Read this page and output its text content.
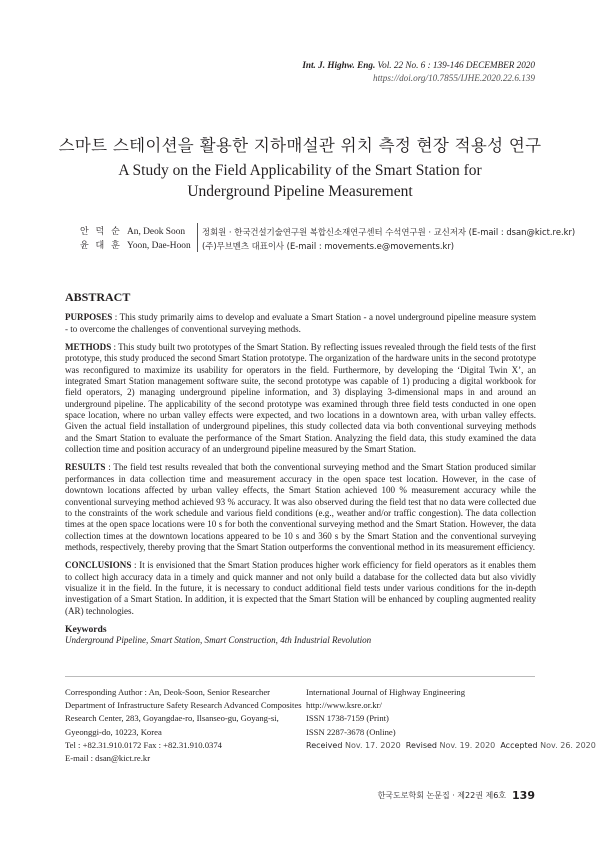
Int. J. Highw. Eng. Vol. 22 No. 6 : 139-146 DECEMBER 2020
https://doi.org/10.7855/IJHE.2020.22.6.139
스마트 스테이션을 활용한 지하매설관 위치 측정 현장 적용성 연구
A Study on the Field Applicability of the Smart Station for
Underground Pipeline Measurement
안 덕 순 An, Deok Soon	정회원 · 한국건설기술연구원 복합신소재연구센터 수석연구원 · 교신저자 (E-mail : dsan@kict.re.kr)
윤 대 훈 Yoon, Dae-Hoon	(주)무브멘츠 대표이사 (E-mail : movements.e@movements.kr)
ABSTRACT

PURPOSES : This study primarily aims to develop and evaluate a Smart Station - a novel underground pipeline measure system - to overcome the challenges of conventional surveying methods.

METHODS : This study built two prototypes of the Smart Station. By reflecting issues revealed through the field tests of the first prototype, this study produced the second Smart Station prototype. The organization of the hardware units in the second prototype was reconfigured to maximize its usability for operators in the field. Furthermore, by developing the ‘Digital Twin X’, an integrated Smart Station management software suite, the second prototype was capable of 1) producing a digital workbook for field operators, 2) managing underground pipeline information, and 3) displaying 3-dimensional maps in and around an underground pipeline. The applicability of the second prototype was examined through three field tests conducted in one open space location, where no urban valley effects were expected, and two locations in a downtown area, with urban valley effects. Given the actual field installation of underground pipelines, this study collected data via both conventional surveying methods and the Smart Station to evaluate the performance of the Smart Station. Analyzing the field data, this study examined the data collection time and position accuracy of an underground pipeline measured by the Smart Station.

RESULTS : The field test results revealed that both the conventional surveying method and the Smart Station produced similar performances in data collection time and measurement accuracy in the open space test location. However, in the case of downtown locations affected by urban valley effects, the Smart Station achieved 100 % measurement accuracy while the conventional surveying method achieved 93 % accuracy. It was also observed during the field test that no data were collected due to the constraints of the work schedule and various field conditions (e.g., weather and/or traffic congestion). The data collection times at the open space locations were 10 s for both the conventional surveying method and the Smart Station. However, the data collection times at the downtown locations appeared to be 10 s and 360 s by the Smart Station and the conventional surveying methods, respectively, thereby proving that the Smart Station outperforms the conventional method in its measurement efficiency.

CONCLUSIONS : It is envisioned that the Smart Station produces higher work efficiency for field operators as it enables them to collect high accuracy data in a timely and quick manner and not only build a database for the collected data but also vividly visualize it in the field. In the future, it is necessary to conduct additional field tests under various conditions for the in-depth investigation of a Smart Station. In addition, it is expected that the Smart Station will be enhanced by coupling augmented reality (AR) technologies.

Keywords
Underground Pipeline, Smart Station, Smart Construction, 4th Industrial Revolution
Corresponding Author : An, Deok-Soon, Senior Researcher
Department of Infrastructure Safety Research Advanced Composites
Research Center, 283, Goyangdae-ro, Ilsanseo-gu, Goyang-si,
Gyeonggi-do, 10223, Korea
Tel : +82.31.910.0172 Fax : +82.31.910.0374
E-mail : dsan@kict.re.kr
International Journal of Highway Engineering
http://www.ksre.or.kr/
ISSN 1738-7159 (Print)
ISSN 2287-3678 (Online)
Received Nov. 17. 2020 Revised Nov. 19. 2020 Accepted Nov. 26. 2020
한국도로학회 논문집 · 제22권 제6호 139
